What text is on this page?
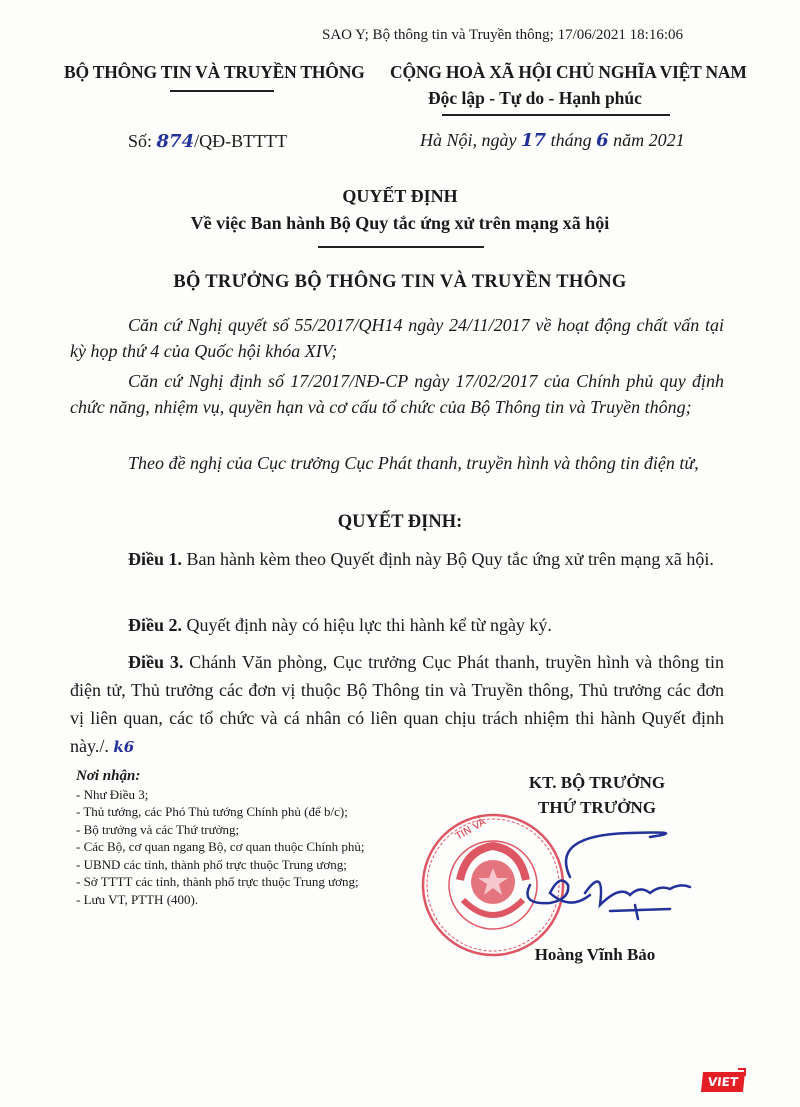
SAO Y; Bộ thông tin và Truyền thông; 17/06/2021 18:16:06
BỘ THÔNG TIN VÀ TRUYỀN THÔNG CỘNG HOÀ XÃ HỘI CHỦ NGHĨA VIỆT NAM
Độc lập - Tự do - Hạnh phúc
Số: 874/QĐ-BTTTT	Hà Nội, ngày 17 tháng 6 năm 2021
QUYẾT ĐỊNH
Về việc Ban hành Bộ Quy tắc ứng xử trên mạng xã hội
BỘ TRƯỞNG BỘ THÔNG TIN VÀ TRUYỀN THÔNG
Căn cứ Nghị quyết số 55/2017/QH14 ngày 24/11/2017 về hoạt động chất vấn tại kỳ họp thứ 4 của Quốc hội khóa XIV;
Căn cứ Nghị định số 17/2017/NĐ-CP ngày 17/02/2017 của Chính phủ quy định chức năng, nhiệm vụ, quyền hạn và cơ cấu tổ chức của Bộ Thông tin và Truyền thông;
Theo đề nghị của Cục trưởng Cục Phát thanh, truyền hình và thông tin điện tử,
QUYẾT ĐỊNH:
Điều 1. Ban hành kèm theo Quyết định này Bộ Quy tắc ứng xử trên mạng xã hội.
Điều 2. Quyết định này có hiệu lực thi hành kể từ ngày ký.
Điều 3. Chánh Văn phòng, Cục trưởng Cục Phát thanh, truyền hình và thông tin điện tử, Thủ trưởng các đơn vị thuộc Bộ Thông tin và Truyền thông, Thủ trưởng các đơn vị liên quan, các tổ chức và cá nhân có liên quan chịu trách nhiệm thi hành Quyết định này./. k6
Nơi nhận:
- Như Điều 3;
- Thủ tướng, các Phó Thủ tướng Chính phủ (để b/c);
- Bộ trưởng và các Thứ trưởng;
- Các Bộ, cơ quan ngang Bộ, cơ quan thuộc Chính phủ;
- UBND các tỉnh, thành phố trực thuộc Trung ương;
- Sở TTTT các tỉnh, thành phố trực thuộc Trung ương;
- Lưu VT, PTTH (400).
TIN VÀ
KT. BỘ TRƯỞNG
THỨ TRƯỞNG
Hoàng Vĩnh Bảo
VIET
